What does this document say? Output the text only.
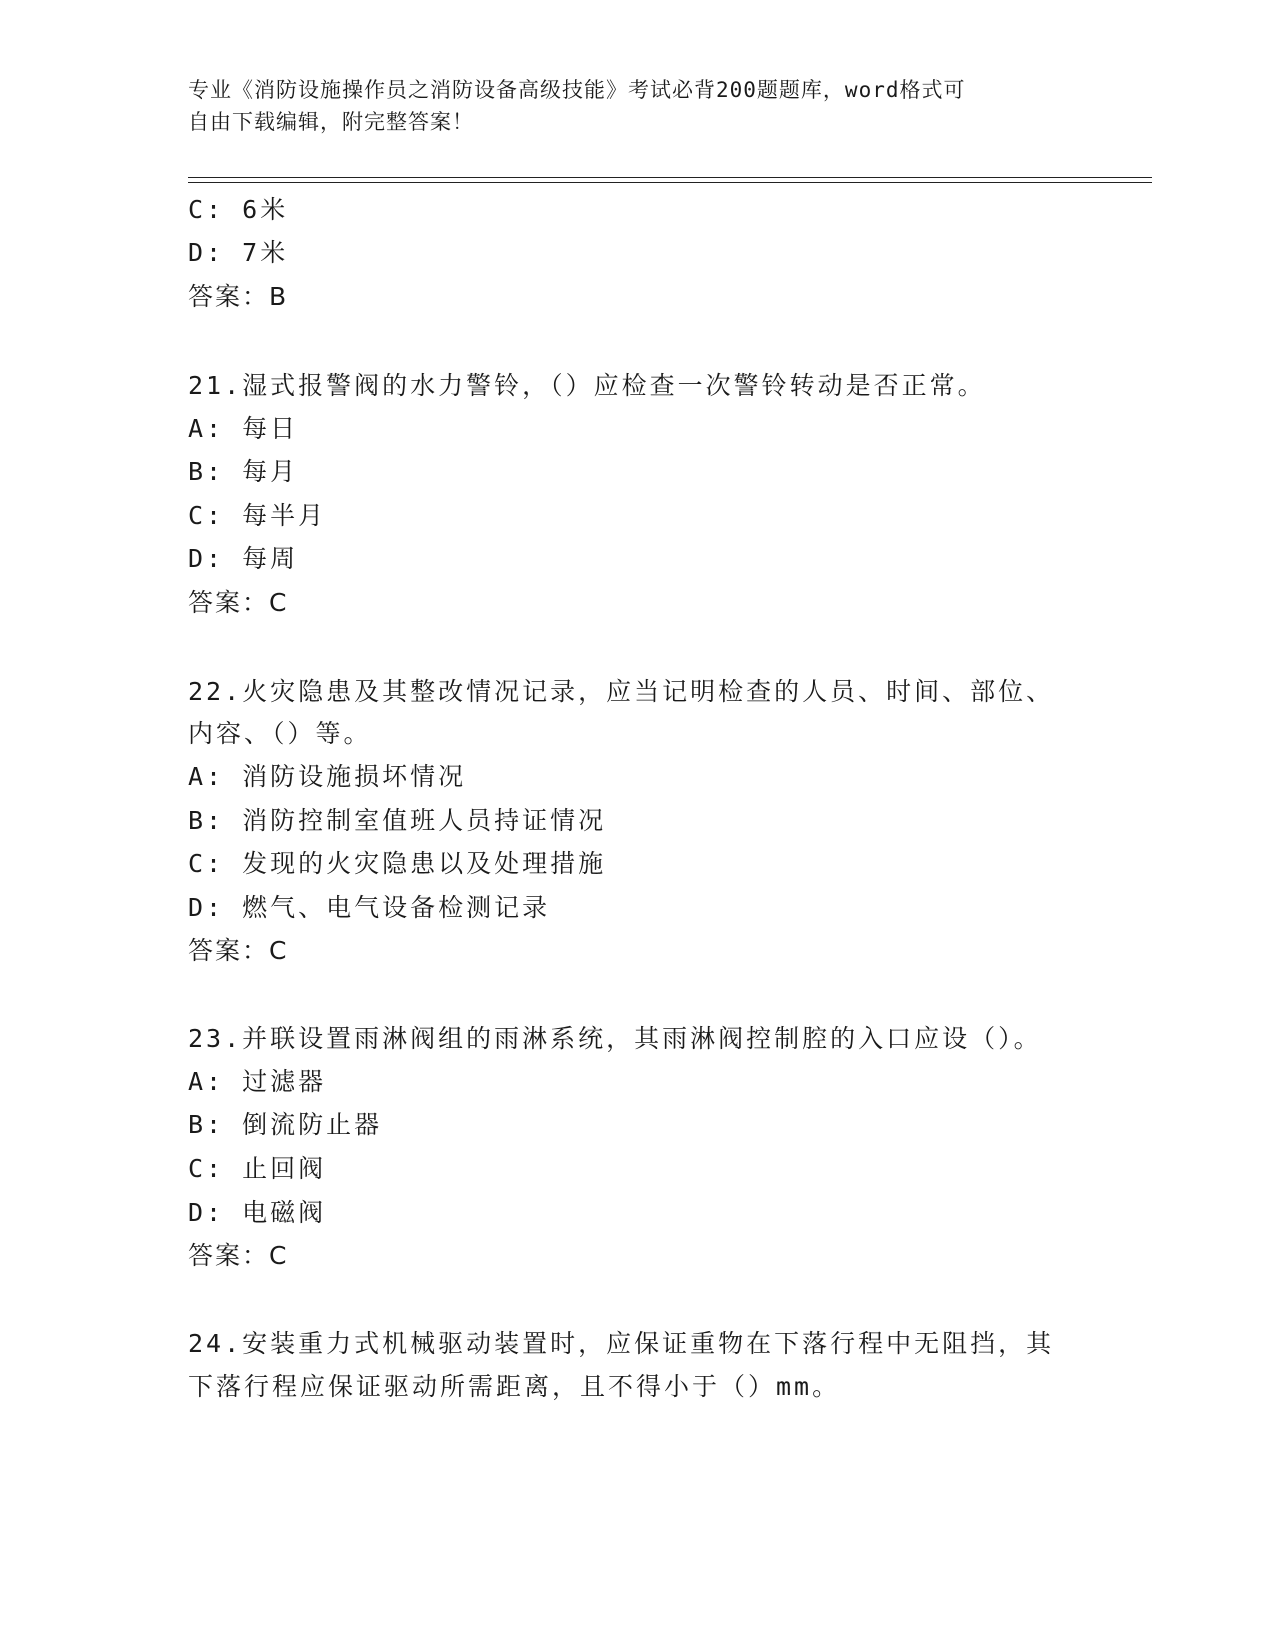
专业《消防设施操作员之消防设备高级技能》考试必背200题题库，word格式可
自由下载编辑，附完整答案！
C: 6米
D: 7米
答案：B
21.湿式报警阀的水力警铃，（）应检查一次警铃转动是否正常。
A: 每日
B: 每月
C: 每半月
D: 每周
答案：C
22.火灾隐患及其整改情况记录，应当记明检查的人员、时间、部位、
内容、（）等。
A: 消防设施损坏情况
B: 消防控制室值班人员持证情况
C: 发现的火灾隐患以及处理措施
D: 燃气、电气设备检测记录
答案：C
23.并联设置雨淋阀组的雨淋系统，其雨淋阀控制腔的入口应设（）。
A: 过滤器
B: 倒流防止器
C: 止回阀
D: 电磁阀
答案：C
24.安装重力式机械驱动装置时，应保证重物在下落行程中无阻挡，其
下落行程应保证驱动所需距离，且不得小于（）mm。
